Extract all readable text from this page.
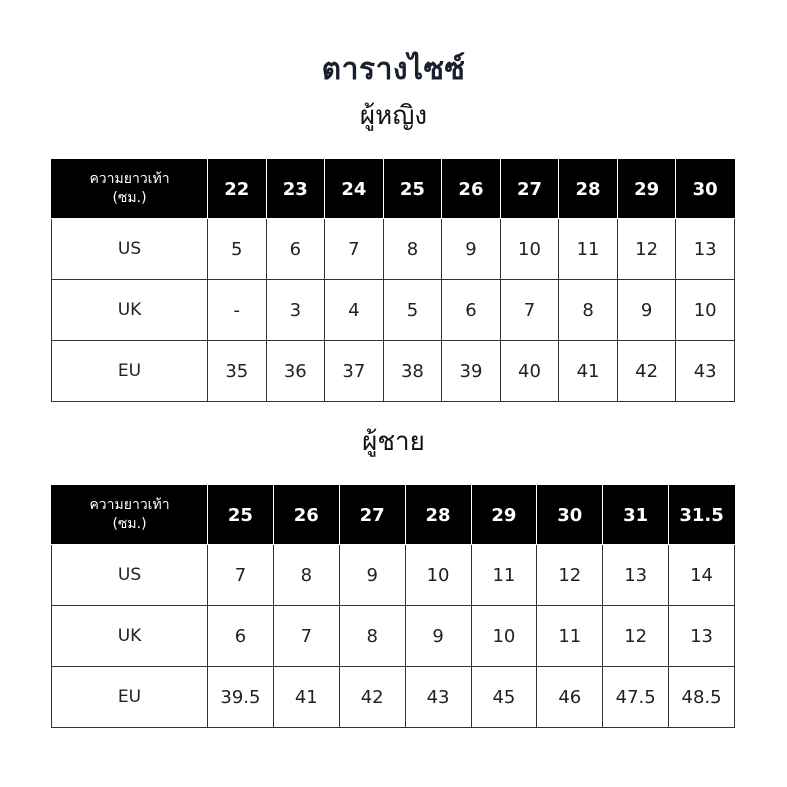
ตารางไซซ์
ผู้หญิง
ความยาวเท้า
(ซม.)	22	23	24	25	26	27	28	29	30
US	5	6	7	8	9	10	11	12	13
UK	-	3	4	5	6	7	8	9	10
EU	35	36	37	38	39	40	41	42	43
ผู้ชาย
ความยาวเท้า
(ซม.)	25	26	27	28	29	30	31	31.5
US	7	8	9	10	11	12	13	14
UK	6	7	8	9	10	11	12	13
EU	39.5	41	42	43	45	46	47.5	48.5
